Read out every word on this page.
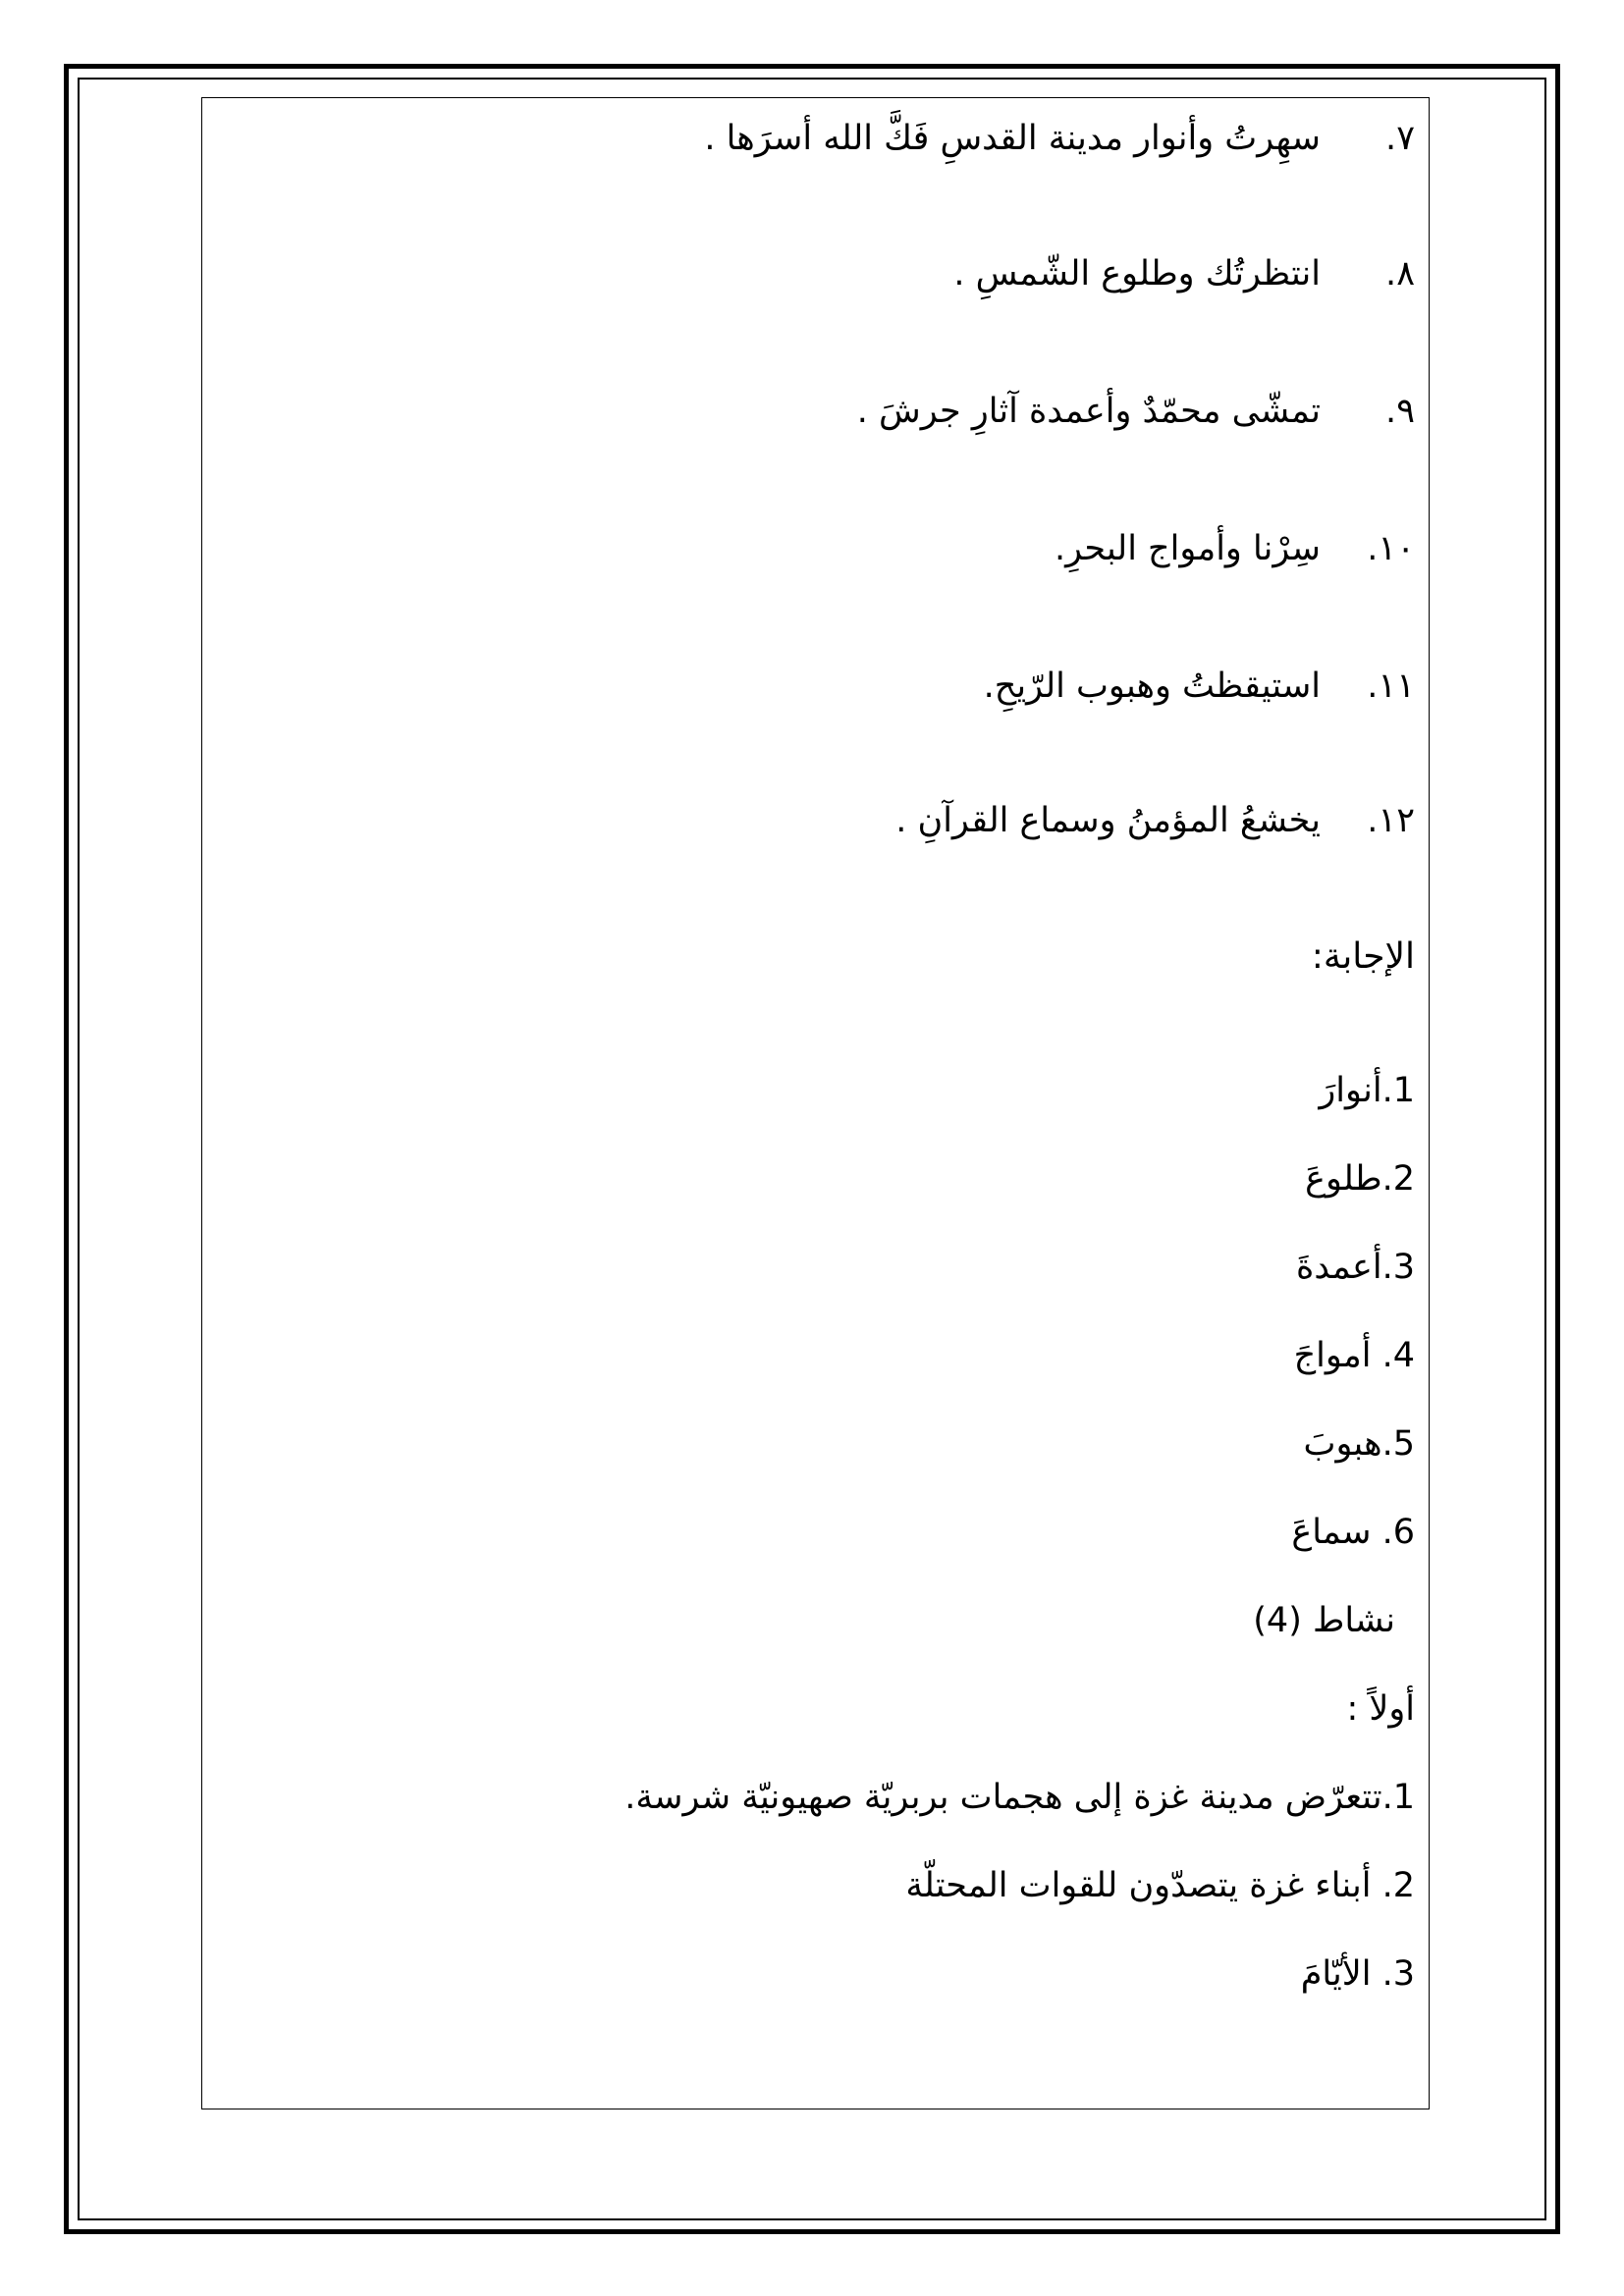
٧.سهِرتُ وأنوار مدينة القدسِ فَكَّ الله أسرَها .
٨.انتظرتُك وطلوع الشّمسِ .
٩.تمشّى محمّدٌ وأعمدة آثارِ جرشَ .
١٠.سِرْنا وأمواج البحرِ.
١١.استيقظتُ وهبوب الرّيحِ.
١٢.يخشعُ المؤمنُ وسماع القرآنِ .
الإجابة:
1.أنوارَ
2.طلوعَ
3.أعمدةَ
4. أمواجَ
5.هبوبَ
6. سماعَ
نشاط (4)
أولاً :
1.تتعرّض مدينة غزة إلى هجمات بربريّة صهيونيّة شرسة.
2. أبناء غزة يتصدّون للقوات المحتلّة
3. الأيّامَ
